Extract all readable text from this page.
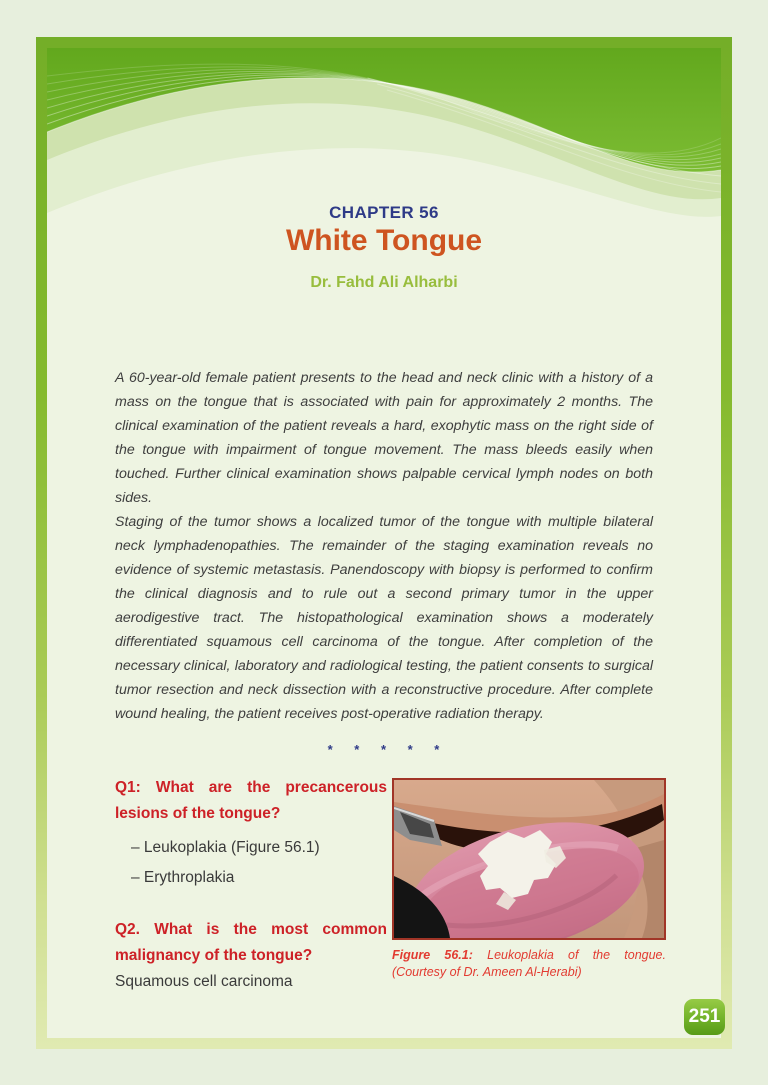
CHAPTER 56
White Tongue
Dr. Fahd Ali Alharbi

A 60-year-old female patient presents to the head and neck clinic with a history of a mass on the tongue that is associated with pain for approximately 2 months. The clinical examination of the patient reveals a hard, exophytic mass on the right side of the tongue with impairment of tongue movement. The mass bleeds easily when touched. Further clinical examination shows palpable cervical lymph nodes on both sides.

Staging of the tumor shows a localized tumor of the tongue with multiple bilateral neck lymphadenopathies. The remainder of the staging examination reveals no evidence of systemic metastasis. Panendoscopy with biopsy is performed to confirm the clinical diagnosis and to rule out a second primary tumor in the upper aerodigestive tract. The histopathological examination shows a moderately differentiated squamous cell carcinoma of the tongue. After completion of the necessary clinical, laboratory and radiological testing, the patient consents to surgical tumor resection and neck dissection with a reconstructive procedure. After complete wound healing, the patient receives post-operative radiation therapy.

* * * * *

Q1: What are the precancerous lesions of the tongue?

– Leukoplakia (Figure 56.1)
– Erythroplakia

Q2. What is the most common malignancy of the tongue?

Squamous cell carcinoma

Figure 56.1: Leukoplakia of the tongue. (Courtesy of Dr. Ameen Al-Herabi)
251
